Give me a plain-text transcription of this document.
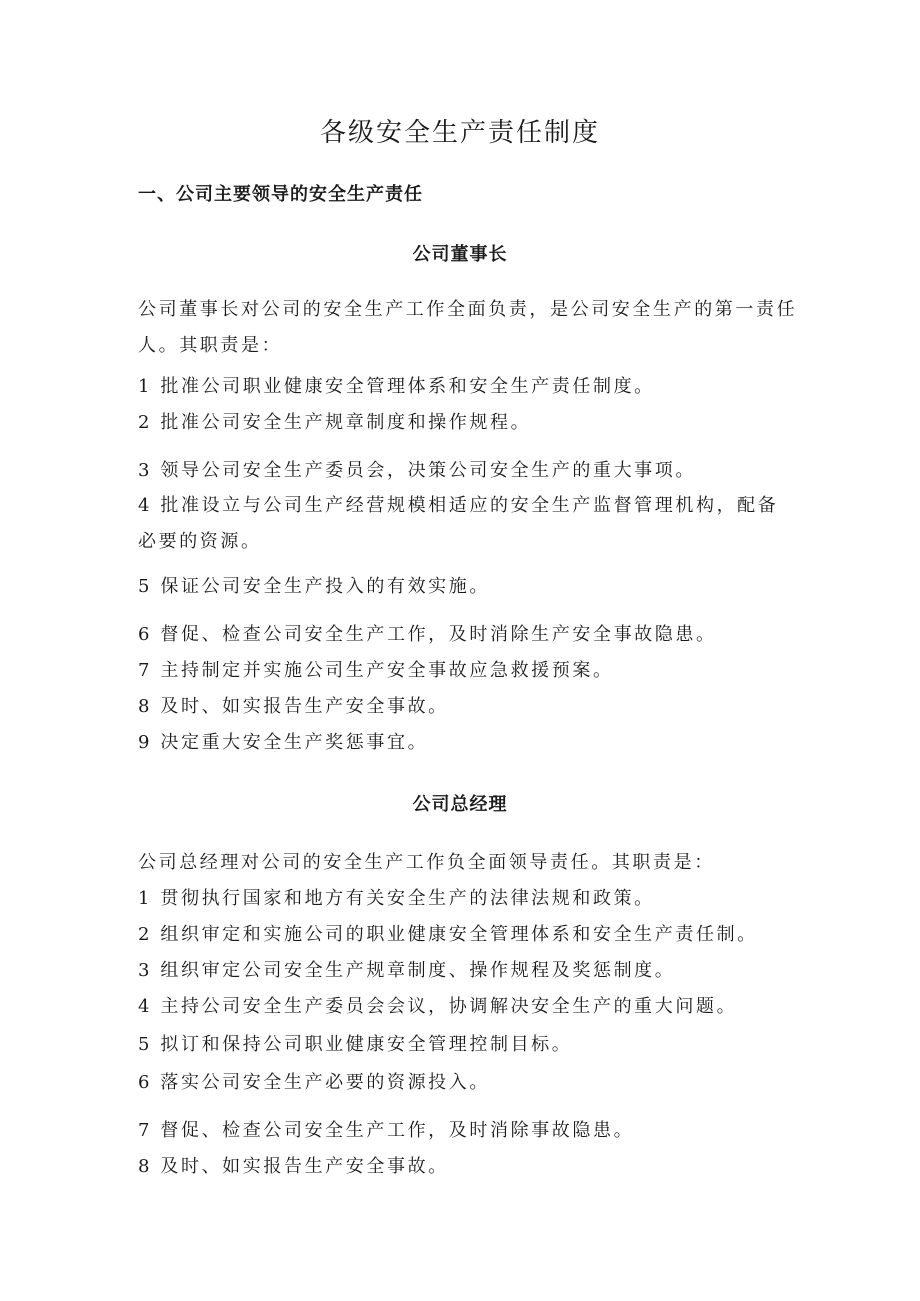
各级安全生产责任制度
一、公司主要领导的安全生产责任
公司董事长
公司董事长对公司的安全生产工作全面负责，是公司安全生产的第一责任人。其职责是：
1 批准公司职业健康安全管理体系和安全生产责任制度。
2 批准公司安全生产规章制度和操作规程。
3 领导公司安全生产委员会，决策公司安全生产的重大事项。
4 批准设立与公司生产经营规模相适应的安全生产监督管理机构，配备必要的资源。
5 保证公司安全生产投入的有效实施。
6 督促、检查公司安全生产工作，及时消除生产安全事故隐患。
7 主持制定并实施公司生产安全事故应急救援预案。
8 及时、如实报告生产安全事故。
9 决定重大安全生产奖惩事宜。
公司总经理
公司总经理对公司的安全生产工作负全面领导责任。其职责是：
1 贯彻执行国家和地方有关安全生产的法律法规和政策。
2 组织审定和实施公司的职业健康安全管理体系和安全生产责任制。
3 组织审定公司安全生产规章制度、操作规程及奖惩制度。
4 主持公司安全生产委员会会议，协调解决安全生产的重大问题。
5 拟订和保持公司职业健康安全管理控制目标。
6 落实公司安全生产必要的资源投入。
7 督促、检查公司安全生产工作，及时消除事故隐患。
8 及时、如实报告生产安全事故。
